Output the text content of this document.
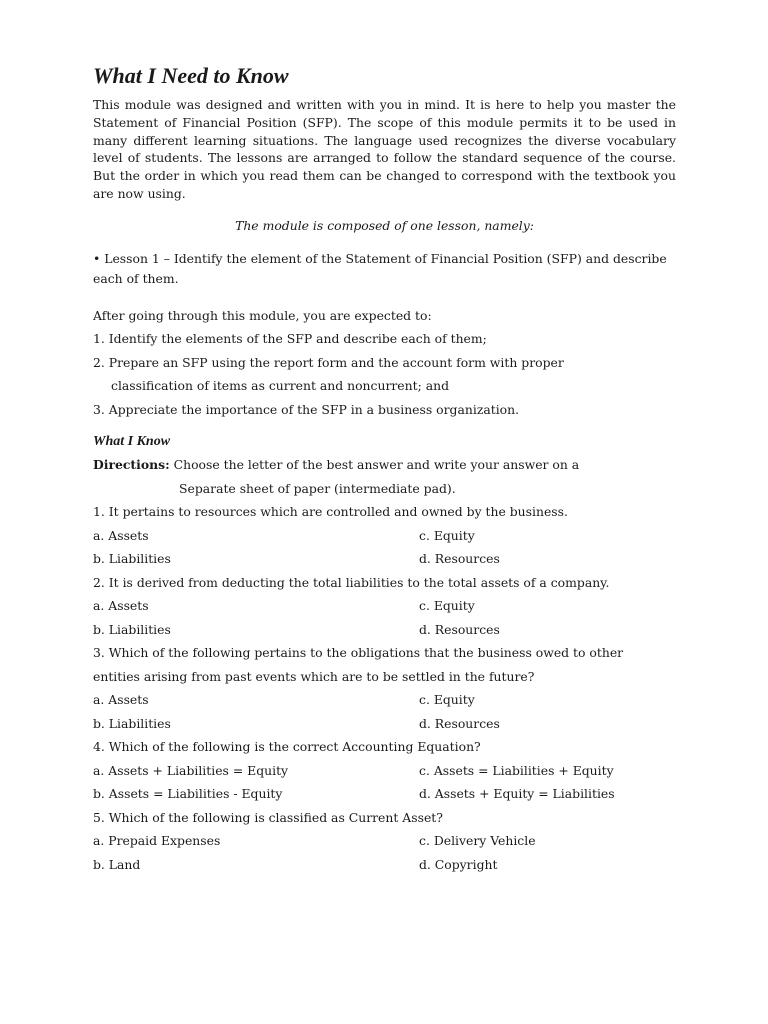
What I Need to Know

This module was designed and written with you in mind. It is here to help you master the Statement of Financial Position (SFP). The scope of this module permits it to be used in many different learning situations. The language used recognizes the diverse vocabulary level of students. The lessons are arranged to follow the standard sequence of the course. But the order in which you read them can be changed to correspond with the textbook you are now using.

The module is composed of one lesson, namely:

• Lesson 1 – Identify the element of the Statement of Financial Position (SFP) and describe each of them.

After going through this module, you are expected to:

1. Identify the elements of the SFP and describe each of them;

2. Prepare an SFP using the report form and the account form with proper

classification of items as current and noncurrent; and

3. Appreciate the importance of the SFP in a business organization.

What I Know

Directions: Choose the letter of the best answer and write your answer on a

Separate sheet of paper (intermediate pad).

1. It pertains to resources which are controlled and owned by the business.

a. Assets	c. Equity
b. Liabilities	d. Resources

2. It is derived from deducting the total liabilities to the total assets of a company.

a. Assets	c. Equity
b. Liabilities	d. Resources

3. Which of the following pertains to the obligations that the business owed to other

entities arising from past events which are to be settled in the future?

a. Assets	c. Equity
b. Liabilities	d. Resources

4. Which of the following is the correct Accounting Equation?

a. Assets + Liabilities = Equity	c. Assets = Liabilities + Equity
b. Assets = Liabilities - Equity	d. Assets + Equity = Liabilities

5. Which of the following is classified as Current Asset?

a. Prepaid Expenses	c. Delivery Vehicle
b. Land	d. Copyright
